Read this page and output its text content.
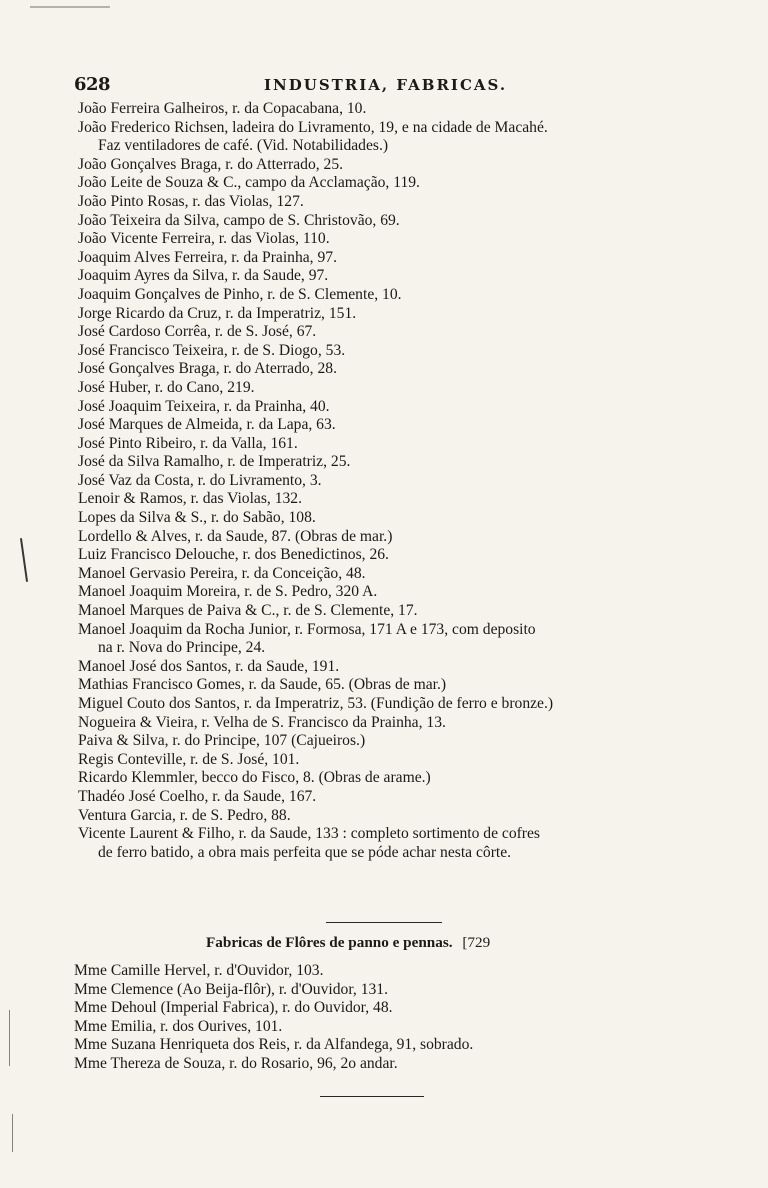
628	INDUSTRIA, FABRICAS.
João Ferreira Galheiros, r. da Copacabana, 10.
João Frederico Richsen, ladeira do Livramento, 19, e na cidade de Macahé.
Faz ventiladores de café. (Vid. Notabilidades.)
João Gonçalves Braga, r. do Atterrado, 25.
João Leite de Souza & C., campo da Acclamação, 119.
João Pinto Rosas, r. das Violas, 127.
João Teixeira da Silva, campo de S. Christovão, 69.
João Vicente Ferreira, r. das Violas, 110.
Joaquim Alves Ferreira, r. da Prainha, 97.
Joaquim Ayres da Silva, r. da Saude, 97.
Joaquim Gonçalves de Pinho, r. de S. Clemente, 10.
Jorge Ricardo da Cruz, r. da Imperatriz, 151.
José Cardoso Corrêa, r. de S. José, 67.
José Francisco Teixeira, r. de S. Diogo, 53.
José Gonçalves Braga, r. do Aterrado, 28.
José Huber, r. do Cano, 219.
José Joaquim Teixeira, r. da Prainha, 40.
José Marques de Almeida, r. da Lapa, 63.
José Pinto Ribeiro, r. da Valla, 161.
José da Silva Ramalho, r. de Imperatriz, 25.
José Vaz da Costa, r. do Livramento, 3.
Lenoir & Ramos, r. das Violas, 132.
Lopes da Silva & S., r. do Sabão, 108.
Lordello & Alves, r. da Saude, 87. (Obras de mar.)
Luiz Francisco Delouche, r. dos Benedictinos, 26.
Manoel Gervasio Pereira, r. da Conceição, 48.
Manoel Joaquim Moreira, r. de S. Pedro, 320 A.
Manoel Marques de Paiva & C., r. de S. Clemente, 17.
Manoel Joaquim da Rocha Junior, r. Formosa, 171 A e 173, com deposito
na r. Nova do Principe, 24.
Manoel José dos Santos, r. da Saude, 191.
Mathias Francisco Gomes, r. da Saude, 65. (Obras de mar.)
Miguel Couto dos Santos, r. da Imperatriz, 53. (Fundição de ferro e bronze.)
Nogueira & Vieira, r. Velha de S. Francisco da Prainha, 13.
Paiva & Silva, r. do Principe, 107 (Cajueiros.)
Regis Conteville, r. de S. José, 101.
Ricardo Klemmler, becco do Fisco, 8. (Obras de arame.)
Thadéo José Coelho, r. da Saude, 167.
Ventura Garcia, r. de S. Pedro, 88.
Vicente Laurent & Filho, r. da Saude, 133 : completo sortimento de cofres
de ferro batido, a obra mais perfeita que se póde achar nesta côrte.
Fabricas de Flôres de panno e pennas. [729
Mme Camille Hervel, r. d'Ouvidor, 103.
Mme Clemence (Ao Beija-flôr), r. d'Ouvidor, 131.
Mme Dehoul (Imperial Fabrica), r. do Ouvidor, 48.
Mme Emilia, r. dos Ourives, 101.
Mme Suzana Henriqueta dos Reis, r. da Alfandega, 91, sobrado.
Mme Thereza de Souza, r. do Rosario, 96, 2o andar.
